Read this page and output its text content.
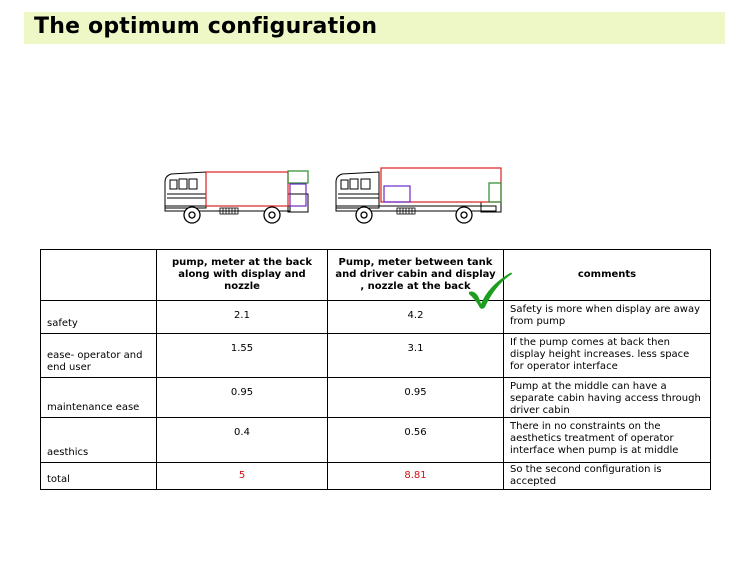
The optimum configuration
	pump, meter at the back along with display and nozzle	Pump, meter between tank and driver cabin and display , nozzle at the back	comments
safety	2.1	4.2	Safety is more when display are away from pump
ease- operator and end user	1.55	3.1	If the pump comes at back then display height increases. less space for operator interface
maintenance ease	0.95	0.95	Pump at the middle can have a separate cabin having access through driver cabin
aesthics	0.4	0.56	There in no constraints on the aesthetics treatment of operator interface when pump is at middle
total	5	8.81	So the second configuration is accepted
